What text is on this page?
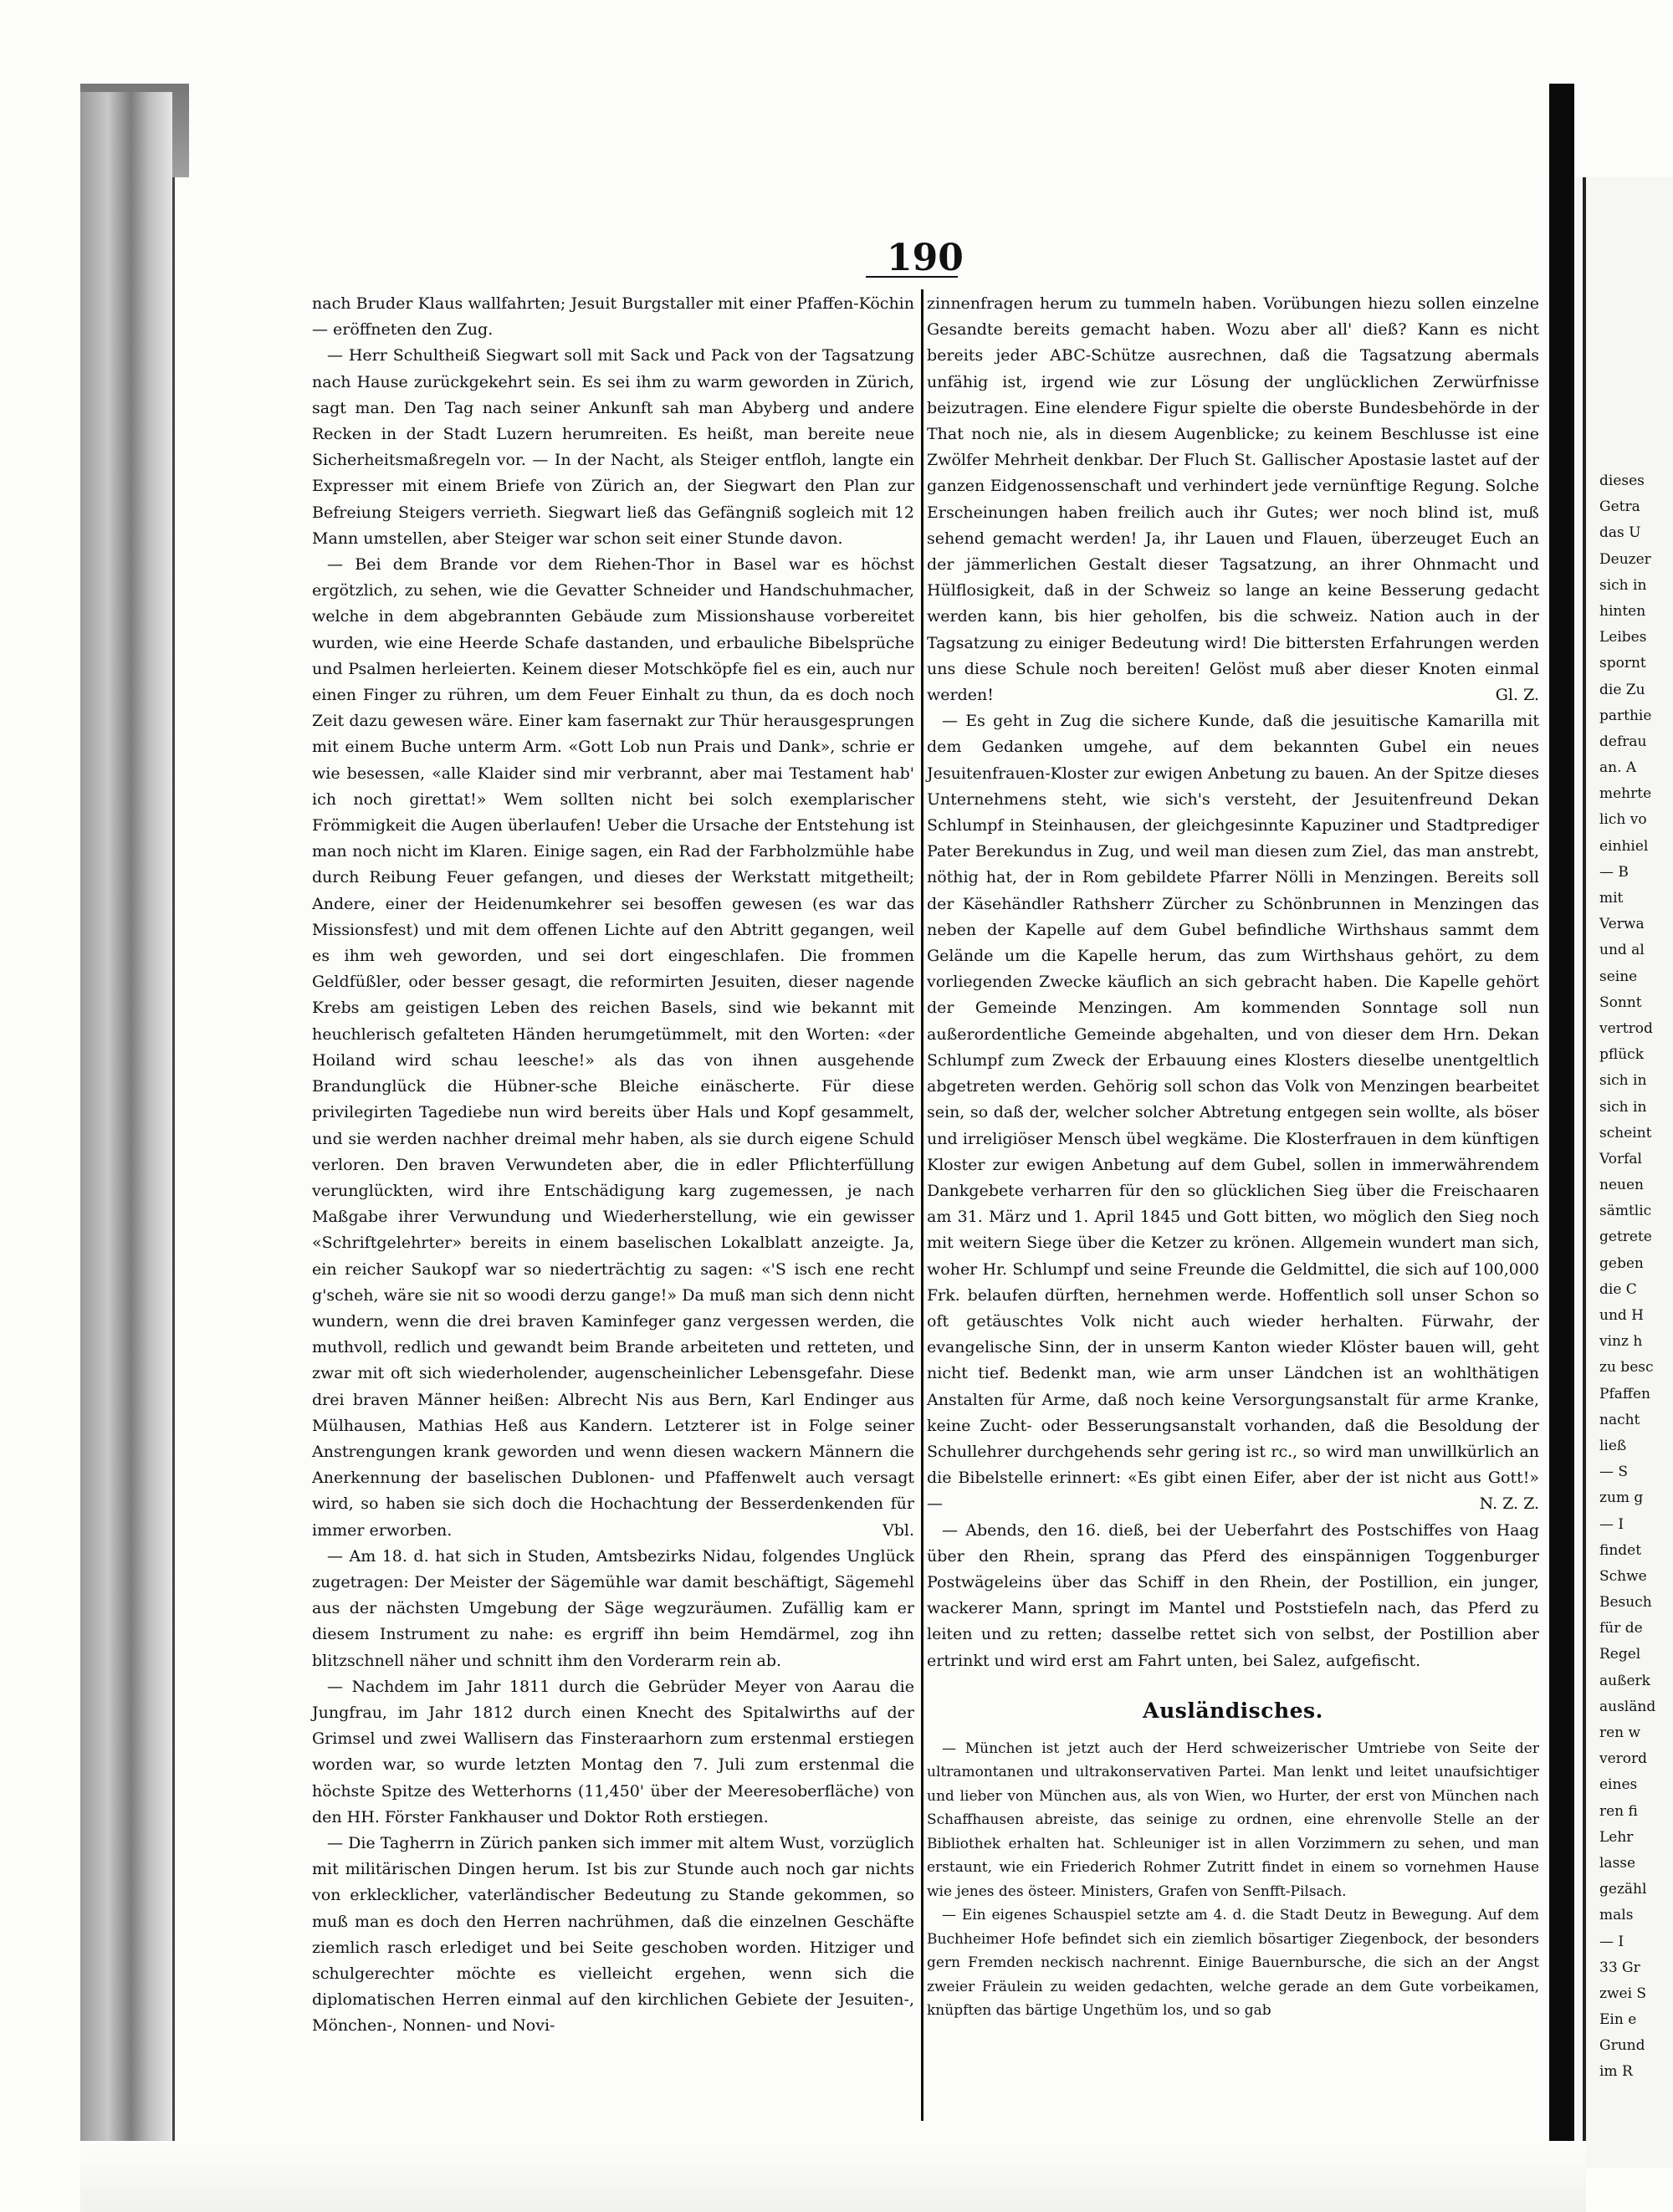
190

nach Bruder Klaus wallfahrten; Jesuit Burgstaller mit einer Pfaffen-Köchin — eröffneten den Zug.

— Herr Schultheiß Siegwart soll mit Sack und Pack von der Tagsatzung nach Hause zurückgekehrt sein. Es sei ihm zu warm geworden in Zürich, sagt man. Den Tag nach seiner Ankunft sah man Abyberg und andere Recken in der Stadt Luzern herumreiten. Es heißt, man bereite neue Sicherheitsmaßregeln vor. — In der Nacht, als Steiger entfloh, langte ein Expresser mit einem Briefe von Zürich an, der Siegwart den Plan zur Befreiung Steigers verrieth. Siegwart ließ das Gefängniß sogleich mit 12 Mann umstellen, aber Steiger war schon seit einer Stunde davon.

— Bei dem Brande vor dem Riehen-Thor in Basel war es höchst ergötzlich, zu sehen, wie die Gevatter Schneider und Handschuhmacher, welche in dem abgebrannten Gebäude zum Missionshause vorbereitet wurden, wie eine Heerde Schafe dastanden, und erbauliche Bibelsprüche und Psalmen herleierten. Keinem dieser Motschköpfe fiel es ein, auch nur einen Finger zu rühren, um dem Feuer Einhalt zu thun, da es doch noch Zeit dazu gewesen wäre. Einer kam fasernakt zur Thür herausgesprungen mit einem Buche unterm Arm. «Gott Lob nun Prais und Dank», schrie er wie besessen, «alle Klaider sind mir verbrannt, aber mai Testament hab' ich noch girettat!» Wem sollten nicht bei solch exemplarischer Frömmigkeit die Augen überlaufen! Ueber die Ursache der Entstehung ist man noch nicht im Klaren. Einige sagen, ein Rad der Farbholzmühle habe durch Reibung Feuer gefangen, und dieses der Werkstatt mitgetheilt; Andere, einer der Heidenumkehrer sei besoffen gewesen (es war das Missionsfest) und mit dem offenen Lichte auf den Abtritt gegangen, weil es ihm weh geworden, und sei dort eingeschlafen. Die frommen Geldfüßler, oder besser gesagt, die reformirten Jesuiten, dieser nagende Krebs am geistigen Leben des reichen Basels, sind wie bekannt mit heuchlerisch gefalteten Händen herumgetümmelt, mit den Worten: «der Hoiland wird schau leesche!» als das von ihnen ausgehende Brandunglück die Hübner-sche Bleiche einäscherte. Für diese privilegirten Tagediebe nun wird bereits über Hals und Kopf gesammelt, und sie werden nachher dreimal mehr haben, als sie durch eigene Schuld verloren. Den braven Verwundeten aber, die in edler Pflichterfüllung verunglückten, wird ihre Entschädigung karg zugemessen, je nach Maßgabe ihrer Verwundung und Wiederherstellung, wie ein gewisser «Schriftgelehrter» bereits in einem baselischen Lokalblatt anzeigte. Ja, ein reicher Saukopf war so niederträchtig zu sagen: «'S isch ene recht g'scheh, wäre sie nit so woodi derzu gange!» Da muß man sich denn nicht wundern, wenn die drei braven Kaminfeger ganz vergessen werden, die muthvoll, redlich und gewandt beim Brande arbeiteten und retteten, und zwar mit oft sich wiederholender, augenscheinlicher Lebensgefahr. Diese drei braven Männer heißen: Albrecht Nis aus Bern, Karl Endinger aus Mülhausen, Mathias Heß aus Kandern. Letzterer ist in Folge seiner Anstrengungen krank geworden und wenn diesen wackern Männern die Anerkennung der baselischen Dublonen- und Pfaffenwelt auch versagt wird, so haben sie sich doch die Hochachtung der Besserdenkenden für immer erworben.	Vbl.

— Am 18. d. hat sich in Studen, Amtsbezirks Nidau, folgendes Unglück zugetragen: Der Meister der Sägemühle war damit beschäftigt, Sägemehl aus der nächsten Umgebung der Säge wegzuräumen. Zufällig kam er diesem Instrument zu nahe: es ergriff ihn beim Hemdärmel, zog ihn blitzschnell näher und schnitt ihm den Vorderarm rein ab.

— Nachdem im Jahr 1811 durch die Gebrüder Meyer von Aarau die Jungfrau, im Jahr 1812 durch einen Knecht des Spitalwirths auf der Grimsel und zwei Wallisern das Finsteraarhorn zum erstenmal erstiegen worden war, so wurde letzten Montag den 7. Juli zum erstenmal die höchste Spitze des Wetterhorns (11,450' über der Meeresoberfläche) von den HH. Förster Fankhauser und Doktor Roth erstiegen.

— Die Tagherrn in Zürich panken sich immer mit altem Wust, vorzüglich mit militärischen Dingen herum. Ist bis zur Stunde auch noch gar nichts von erklecklicher, vaterländischer Bedeutung zu Stande gekommen, so muß man es doch den Herren nachrühmen, daß die einzelnen Geschäfte ziemlich rasch erlediget und bei Seite geschoben worden. Hitziger und schulgerechter möchte es vielleicht ergehen, wenn sich die diplomatischen Herren einmal auf den kirchlichen Gebiete der Jesuiten-, Mönchen-, Nonnen- und Novi-

zinnenfragen herum zu tummeln haben. Vorübungen hiezu sollen einzelne Gesandte bereits gemacht haben. Wozu aber all' dieß? Kann es nicht bereits jeder ABC-Schütze ausrechnen, daß die Tagsatzung abermals unfähig ist, irgend wie zur Lösung der unglücklichen Zerwürfnisse beizutragen. Eine elendere Figur spielte die oberste Bundesbehörde in der That noch nie, als in diesem Augenblicke; zu keinem Beschlusse ist eine Zwölfer Mehrheit denkbar. Der Fluch St. Gallischer Apostasie lastet auf der ganzen Eidgenossenschaft und verhindert jede vernünftige Regung. Solche Erscheinungen haben freilich auch ihr Gutes; wer noch blind ist, muß sehend gemacht werden! Ja, ihr Lauen und Flauen, überzeuget Euch an der jämmerlichen Gestalt dieser Tagsatzung, an ihrer Ohnmacht und Hülflosigkeit, daß in der Schweiz so lange an keine Besserung gedacht werden kann, bis hier geholfen, bis die schweiz. Nation auch in der Tagsatzung zu einiger Bedeutung wird! Die bittersten Erfahrungen werden uns diese Schule noch bereiten! Gelöst muß aber dieser Knoten einmal werden!	Gl. Z.

— Es geht in Zug die sichere Kunde, daß die jesuitische Kamarilla mit dem Gedanken umgehe, auf dem bekannten Gubel ein neues Jesuitenfrauen-Kloster zur ewigen Anbetung zu bauen. An der Spitze dieses Unternehmens steht, wie sich's versteht, der Jesuitenfreund Dekan Schlumpf in Steinhausen, der gleichgesinnte Kapuziner und Stadtprediger Pater Berekundus in Zug, und weil man diesen zum Ziel, das man anstrebt, nöthig hat, der in Rom gebildete Pfarrer Nölli in Menzingen. Bereits soll der Käsehändler Rathsherr Zürcher zu Schönbrunnen in Menzingen das neben der Kapelle auf dem Gubel befindliche Wirthshaus sammt dem Gelände um die Kapelle herum, das zum Wirthshaus gehört, zu dem vorliegenden Zwecke käuflich an sich gebracht haben. Die Kapelle gehört der Gemeinde Menzingen. Am kommenden Sonntage soll nun außerordentliche Gemeinde abgehalten, und von dieser dem Hrn. Dekan Schlumpf zum Zweck der Erbauung eines Klosters dieselbe unentgeltlich abgetreten werden. Gehörig soll schon das Volk von Menzingen bearbeitet sein, so daß der, welcher solcher Abtretung entgegen sein wollte, als böser und irreligiöser Mensch übel wegkäme. Die Klosterfrauen in dem künftigen Kloster zur ewigen Anbetung auf dem Gubel, sollen in immerwährendem Dankgebete verharren für den so glücklichen Sieg über die Freischaaren am 31. März und 1. April 1845 und Gott bitten, wo möglich den Sieg noch mit weitern Siege über die Ketzer zu krönen. Allgemein wundert man sich, woher Hr. Schlumpf und seine Freunde die Geldmittel, die sich auf 100,000 Frk. belaufen dürften, hernehmen werde. Hoffentlich soll unser Schon so oft getäuschtes Volk nicht auch wieder herhalten. Fürwahr, der evangelische Sinn, der in unserm Kanton wieder Klöster bauen will, geht nicht tief. Bedenkt man, wie arm unser Ländchen ist an wohlthätigen Anstalten für Arme, daß noch keine Versorgungsanstalt für arme Kranke, keine Zucht- oder Besserungsanstalt vorhanden, daß die Besoldung der Schullehrer durchgehends sehr gering ist rc., so wird man unwillkürlich an die Bibelstelle erinnert: «Es gibt einen Eifer, aber der ist nicht aus Gott!» —	N. Z. Z.

— Abends, den 16. dieß, bei der Ueberfahrt des Postschiffes von Haag über den Rhein, sprang das Pferd des einspännigen Toggenburger Postwägeleins über das Schiff in den Rhein, der Postillion, ein junger, wackerer Mann, springt im Mantel und Poststiefeln nach, das Pferd zu leiten und zu retten; dasselbe rettet sich von selbst, der Postillion aber ertrinkt und wird erst am Fahrt unten, bei Salez, aufgefischt.

Ausländisches.

— München ist jetzt auch der Herd schweizerischer Umtriebe von Seite der ultramontanen und ultrakonservativen Partei. Man lenkt und leitet unaufsichtiger und lieber von München aus, als von Wien, wo Hurter, der erst von München nach Schaffhausen abreiste, das seinige zu ordnen, eine ehrenvolle Stelle an der Bibliothek erhalten hat. Schleuniger ist in allen Vorzimmern zu sehen, und man erstaunt, wie ein Friederich Rohmer Zutritt findet in einem so vornehmen Hause wie jenes des östeer. Ministers, Grafen von Senfft-Pilsach.

— Ein eigenes Schauspiel setzte am 4. d. die Stadt Deutz in Bewegung. Auf dem Buchheimer Hofe befindet sich ein ziemlich bösartiger Ziegenbock, der besonders gern Fremden neckisch nachrennt. Einige Bauernbursche, die sich an der Angst zweier Fräulein zu weiden gedachten, welche gerade an dem Gute vorbeikamen, knüpften das bärtige Ungethüm los, und so gab

dieses
Getra
das U
Deuzer
sich in
hinten
Leibes
spornt
die Zu
parthie
defrau
an. A
mehrte
lich vo
einhiel
— B
mit
Verwa
und al
seine
Sonnt
vertrod
pflück
sich in
sich in
scheint
Vorfal
neuen
sämtlic
getrete
geben
die C
und H
vinz h
zu besc
Pfaffen
nacht
ließ
— S
zum g
— I
findet
Schwe
Besuch
für de
Regel
außerk
ausländ
ren w
verord
eines
ren fi
Lehr
lasse
gezähl
mals
— I
33 Gr
zwei S
Ein e
Grund
im R
